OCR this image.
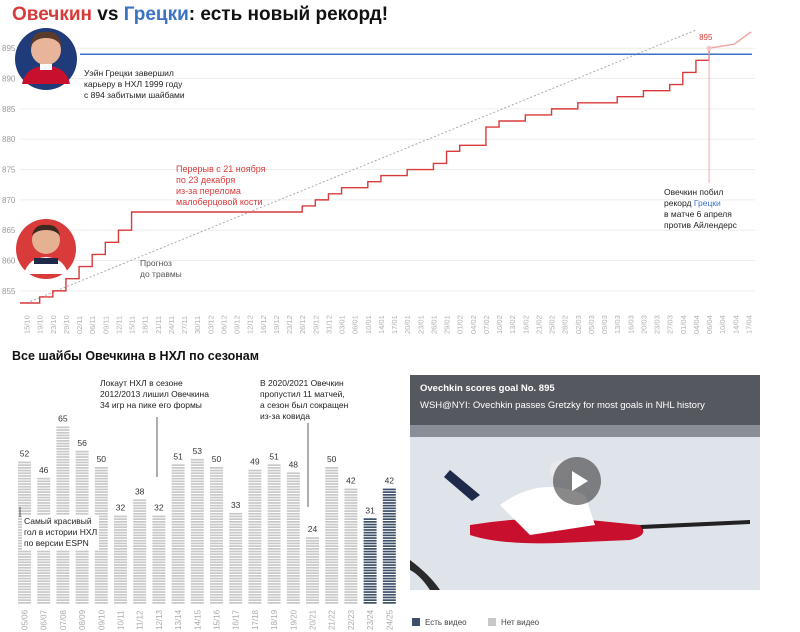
Овечкин vs Грецки: есть новый рекорд!
855
860
865
870
875
880
885
890
895
15/10 19/10 23/10 29/10 02/11 06/11 09/11 12/11 15/11 18/11 21/11 24/11 27/11 30/11 03/12 06/12 09/12 12/12 16/12 19/12 23/12 26/12 29/12 31/12 03/01 06/01 10/01 14/01 17/01 20/01 23/01 26/01 29/01 01/02 04/02 07/02 10/02 13/02 16/02 21/02 25/02 28/02 02/03 05/03 09/03 13/03 16/03 20/03 23/03 27/03 01/04 04/04 06/04 10/04 14/04 17/04
895
Уэйн Грецки завершил
карьеру в НХЛ 1999 году
с 894 забитыми шайбами
Перерыв с 21 ноября
по 23 декабря
из-за перелома
малоберцовой кости
Прогноз
до травмы
Овечкин побил
рекорд Грецки
в матче 6 апреля
против Айлендерс
Все шайбы Овечкина в НХЛ по сезонам
52
46
65
56
50
32
38
32
51
53
50
33
49
51
48
24
50
42
31
42
05/06 06/07 07/08 08/09 09/10 10/11 11/12 12/13 13/14 14/15 15/16 16/17 17/18 18/19 19/20 20/21 21/22 22/23 23/24 24/25
Локаут НХЛ в сезоне
2012/2013 лишил Овечкина
34 игр на пике его формы
В 2020/2021 Овечкин
пропустил 11 матчей,
а сезон был сокращен
из-за ковида
Самый красивый
гол в истории НХЛ
по версии ESPN
Ovechkin scores goal No. 895
WSH@NYI: Ovechkin passes Gretzky for most goals in NHL history
Есть видео	Нет видео
